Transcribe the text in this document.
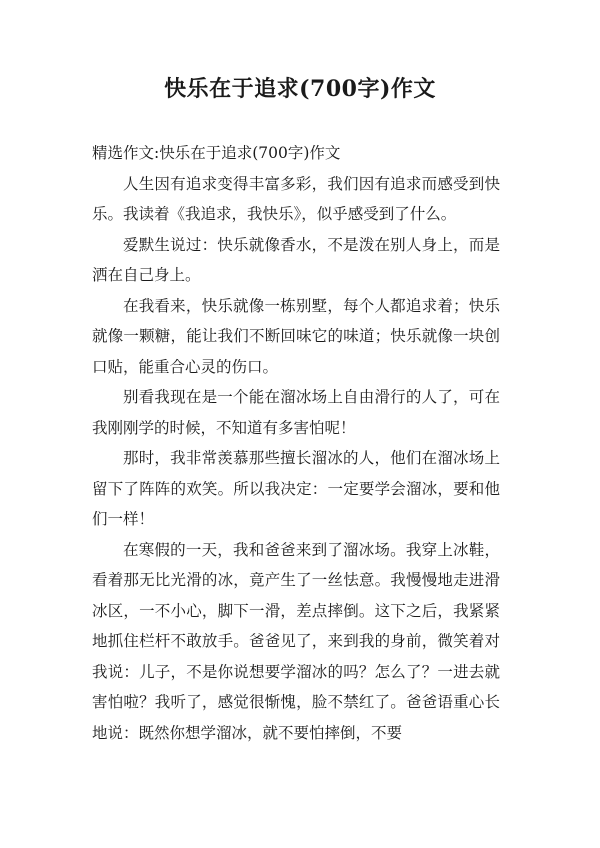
快乐在于追求(700字)作文

精选作文:快乐在于追求(700字)作文

人生因有追求变得丰富多彩，我们因有追求而感受到快乐。我读着《我追求，我快乐》，似乎感受到了什么。

爱默生说过：快乐就像香水，不是泼在别人身上，而是洒在自己身上。

在我看来，快乐就像一栋别墅，每个人都追求着；快乐就像一颗糖，能让我们不断回味它的味道；快乐就像一块创口贴，能重合心灵的伤口。

别看我现在是一个能在溜冰场上自由滑行的人了，可在我刚刚学的时候，不知道有多害怕呢！

那时，我非常羡慕那些擅长溜冰的人，他们在溜冰场上留下了阵阵的欢笑。所以我决定：一定要学会溜冰，要和他们一样！

在寒假的一天，我和爸爸来到了溜冰场。我穿上冰鞋，看着那无比光滑的冰，竟产生了一丝怯意。我慢慢地走进滑冰区，一不小心，脚下一滑，差点摔倒。这下之后，我紧紧地抓住栏杆不敢放手。爸爸见了，来到我的身前，微笑着对我说：儿子，不是你说想要学溜冰的吗？怎么了？一进去就害怕啦？我听了，感觉很惭愧，脸不禁红了。爸爸语重心长地说：既然你想学溜冰，就不要怕摔倒，不要
